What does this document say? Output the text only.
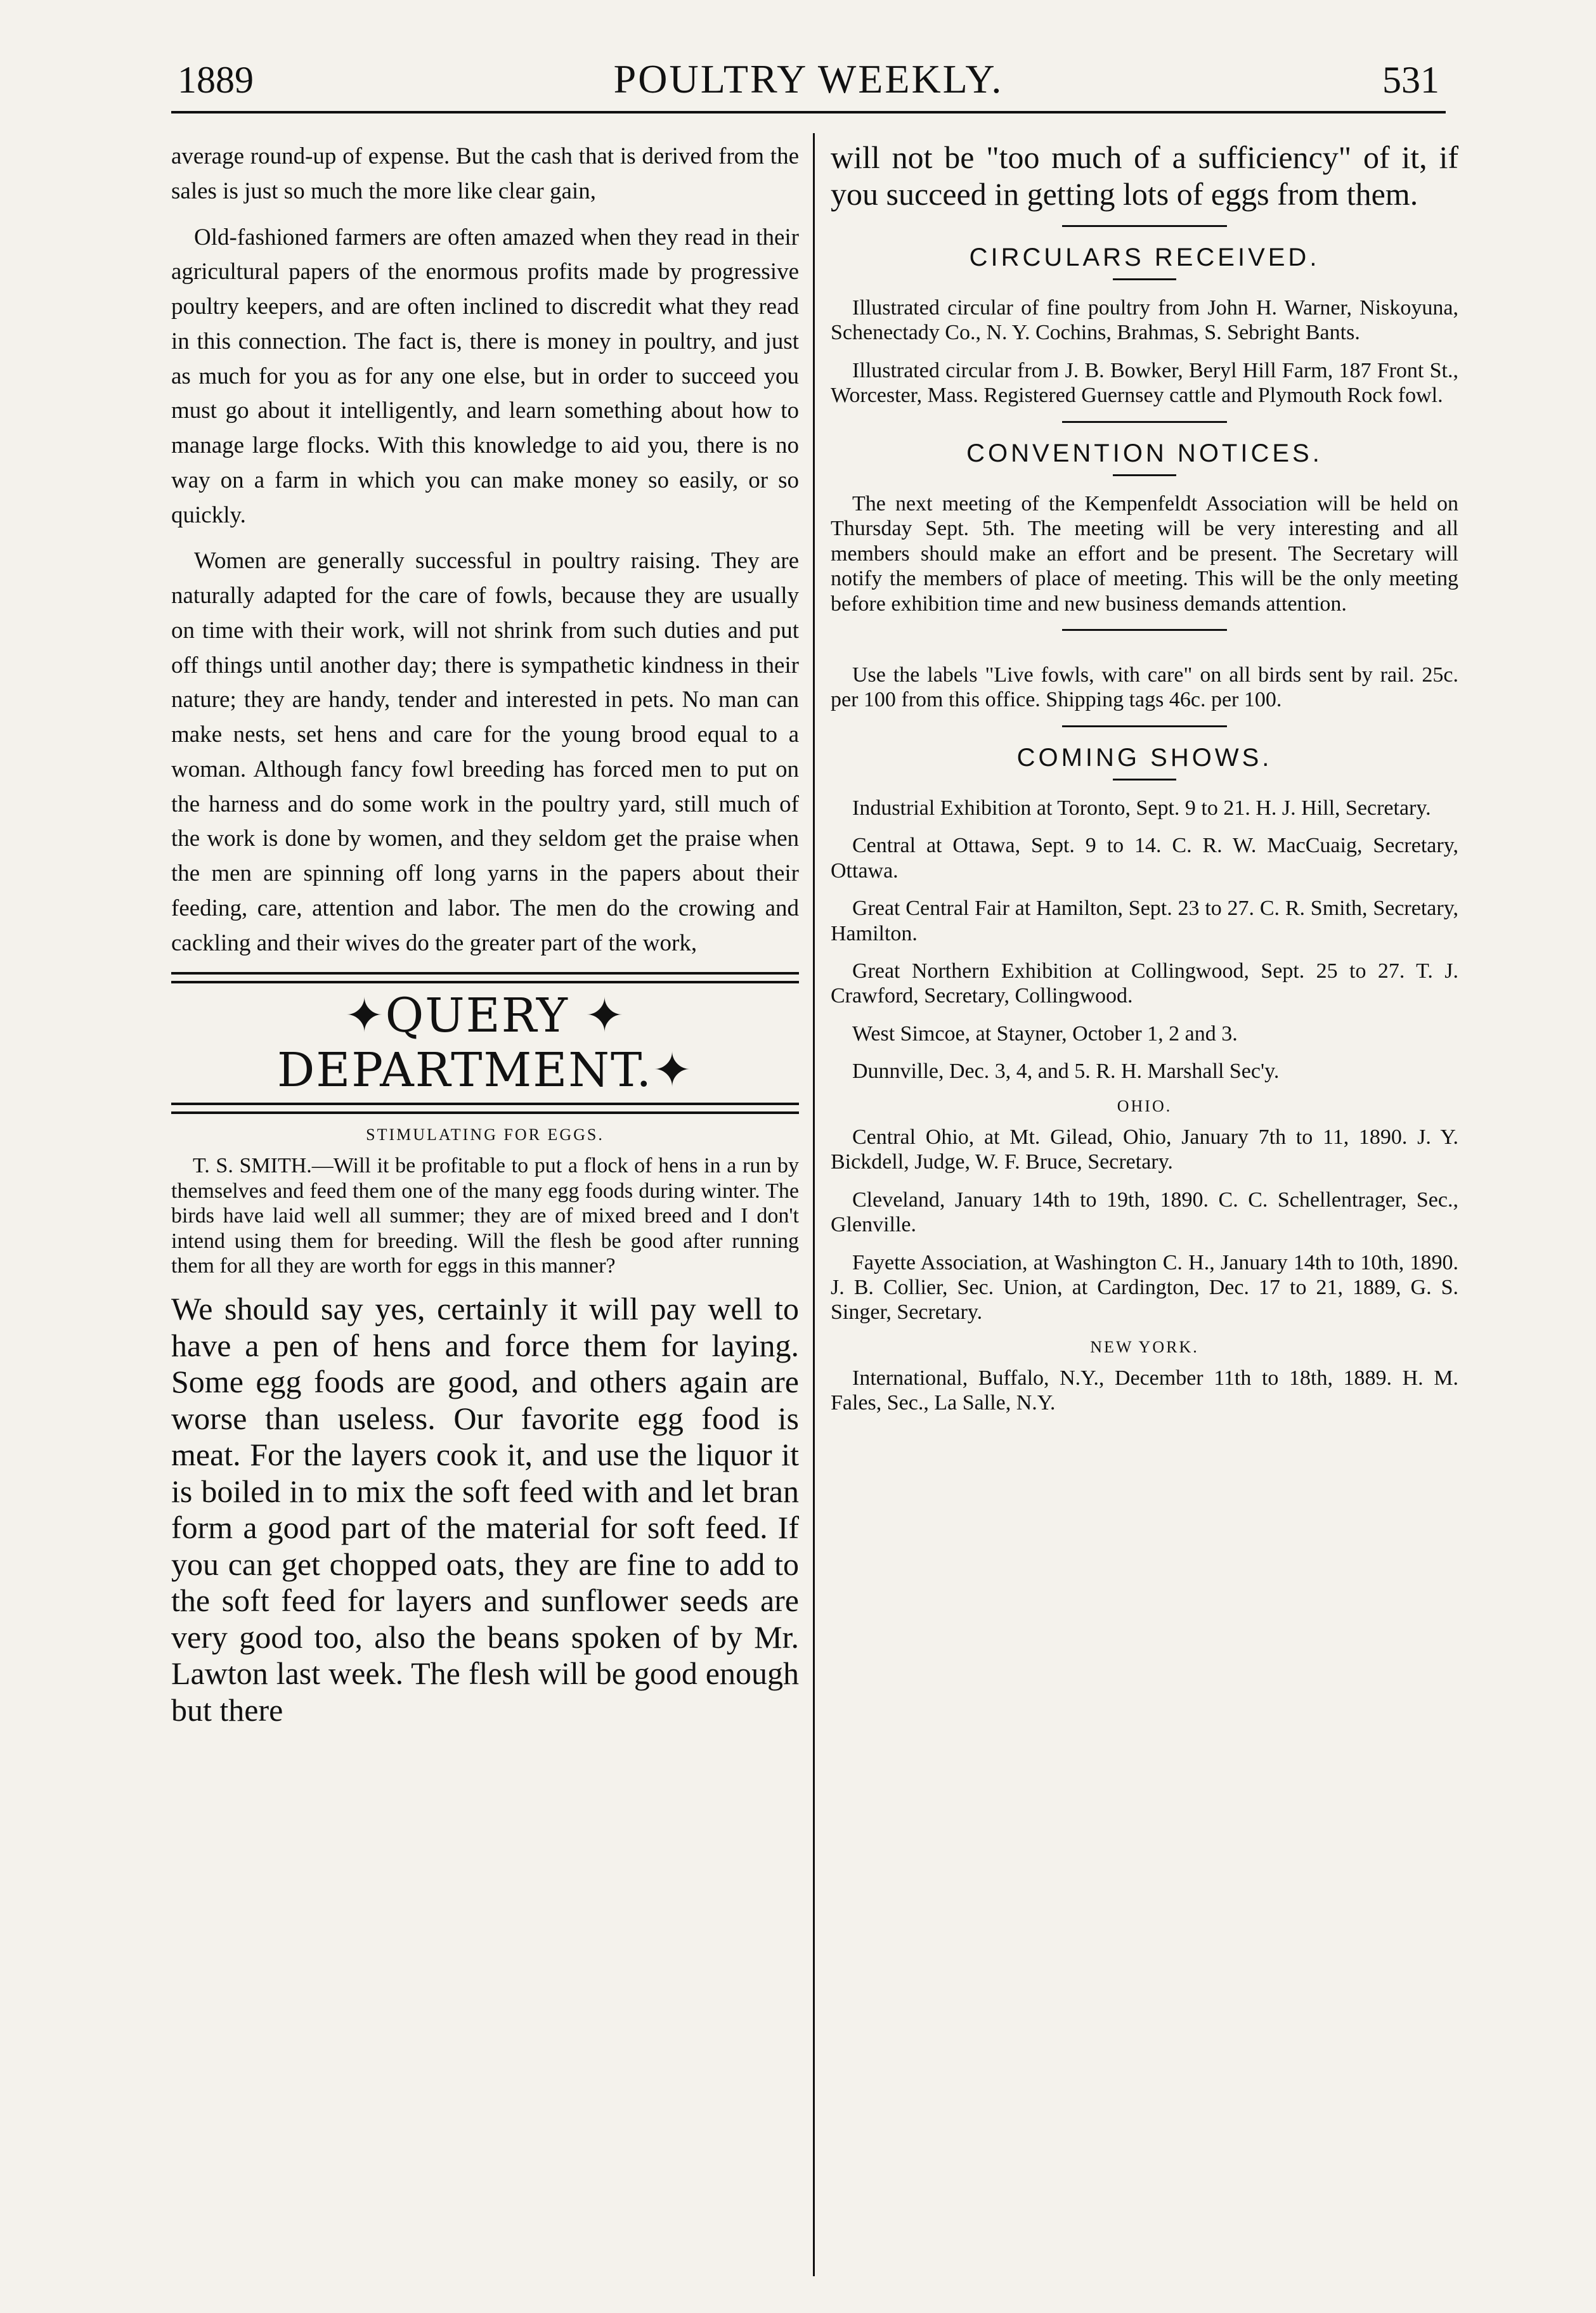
1889	POULTRY WEEKLY.	531

average round-up of expense. But the cash that is derived from the sales is just so much the more like clear gain,

Old-fashioned farmers are often amazed when they read in their agricultural papers of the enormous profits made by progressive poultry keepers, and are often inclined to discredit what they read in this connection. The fact is, there is money in poultry, and just as much for you as for any one else, but in order to succeed you must go about it intelligently, and learn something about how to manage large flocks. With this knowledge to aid you, there is no way on a farm in which you can make money so easily, or so quickly.

Women are generally successful in poultry raising. They are naturally adapted for the care of fowls, because they are usually on time with their work, will not shrink from such duties and put off things until another day; there is sympathetic kindness in their nature; they are handy, tender and interested in pets. No man can make nests, set hens and care for the young brood equal to a woman. Although fancy fowl breeding has forced men to put on the harness and do some work in the poultry yard, still much of the work is done by women, and they seldom get the praise when the men are spinning off long yarns in the papers about their feeding, care, attention and labor. The men do the crowing and cackling and their wives do the greater part of the work,

✦QUERY ✦ DEPARTMENT.✦
STIMULATING FOR EGGS.

T. S. SMITH.—Will it be profitable to put a flock of hens in a run by themselves and feed them one of the many egg foods during winter. The birds have laid well all summer; they are of mixed breed and I don't intend using them for breeding. Will the flesh be good after running them for all they are worth for eggs in this manner?

We should say yes, certainly it will pay well to have a pen of hens and force them for laying. Some egg foods are good, and others again are worse than useless. Our favorite egg food is meat. For the layers cook it, and use the liquor it is boiled in to mix the soft feed with and let bran form a good part of the material for soft feed. If you can get chopped oats, they are fine to add to the soft feed for layers and sunflower seeds are very good too, also the beans spoken of by Mr. Lawton last week. The flesh will be good enough but there

will not be "too much of a sufficiency" of it, if you succeed in getting lots of eggs from them.

CIRCULARS RECEIVED.

Illustrated circular of fine poultry from John H. Warner, Niskoyuna, Schenectady Co., N. Y. Cochins, Brahmas, S. Sebright Bants.

Illustrated circular from J. B. Bowker, Beryl Hill Farm, 187 Front St., Worcester, Mass. Registered Guernsey cattle and Plymouth Rock fowl.

CONVENTION NOTICES.

The next meeting of the Kempenfeldt Association will be held on Thursday Sept. 5th. The meeting will be very interesting and all members should make an effort and be present. The Secretary will notify the members of place of meeting. This will be the only meeting before exhibition time and new business demands attention.

Use the labels "Live fowls, with care" on all birds sent by rail. 25c. per 100 from this office. Shipping tags 46c. per 100.

COMING SHOWS.

Industrial Exhibition at Toronto, Sept. 9 to 21. H. J. Hill, Secretary.

Central at Ottawa, Sept. 9 to 14. C. R. W. MacCuaig, Secretary, Ottawa.

Great Central Fair at Hamilton, Sept. 23 to 27. C. R. Smith, Secretary, Hamilton.

Great Northern Exhibition at Collingwood, Sept. 25 to 27. T. J. Crawford, Secretary, Collingwood.

West Simcoe, at Stayner, October 1, 2 and 3.

Dunnville, Dec. 3, 4, and 5. R. H. Marshall Sec'y.

OHIO.

Central Ohio, at Mt. Gilead, Ohio, January 7th to 11, 1890. J. Y. Bickdell, Judge, W. F. Bruce, Secretary.

Cleveland, January 14th to 19th, 1890. C. C. Schellentrager, Sec., Glenville.

Fayette Association, at Washington C. H., January 14th to 10th, 1890. J. B. Collier, Sec. Union, at Cardington, Dec. 17 to 21, 1889, G. S. Singer, Secretary.

NEW YORK.

International, Buffalo, N.Y., December 11th to 18th, 1889. H. M. Fales, Sec., La Salle, N.Y.
